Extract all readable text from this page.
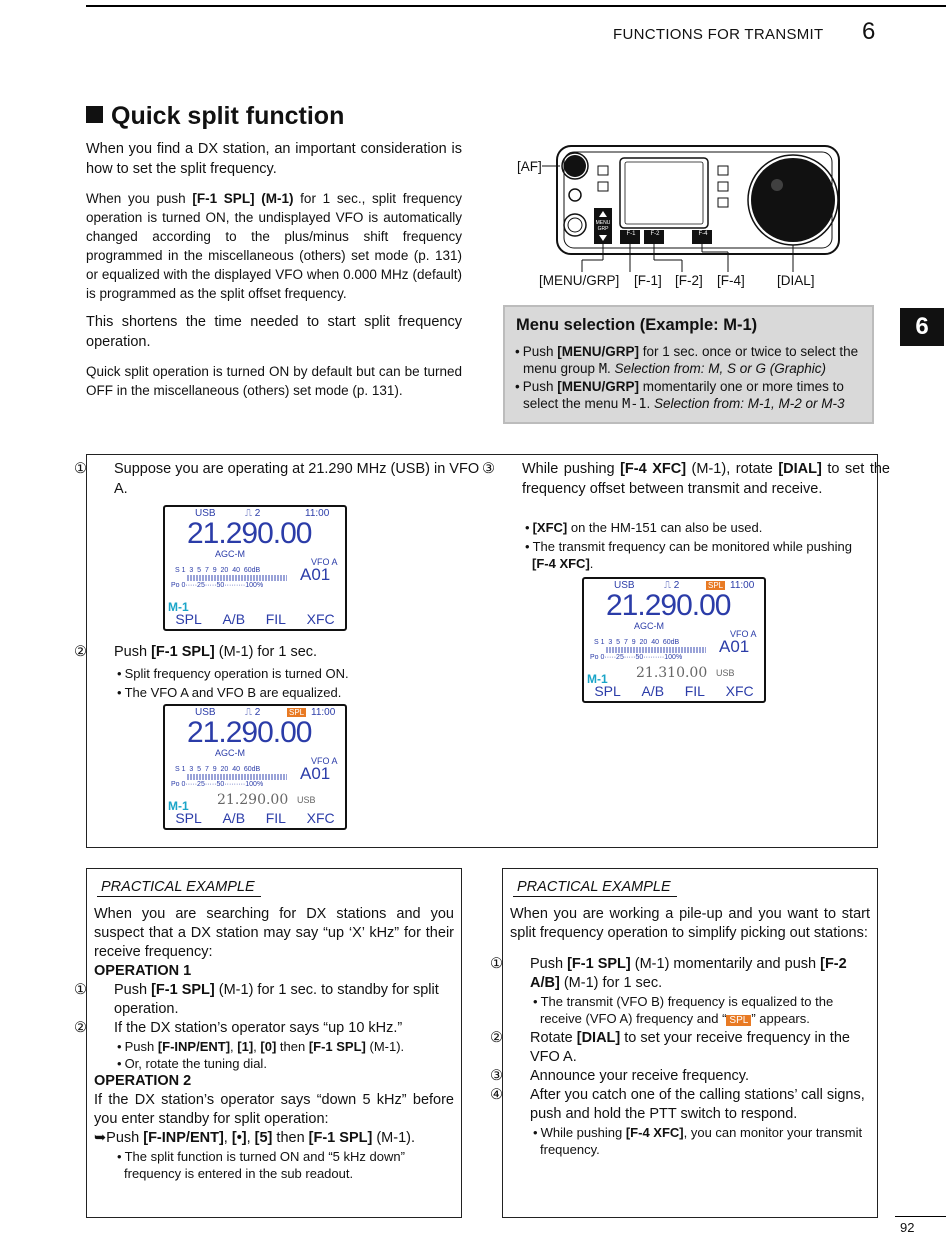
FUNCTIONS FOR TRANSMIT 6
6
Quick split function

When you find a DX station, an important consideration is how to set the split frequency.

When you push [F-1 SPL] (M-1) for 1 sec., split frequency operation is turned ON, the undisplayed VFO is automatically changed according to the plus/minus shift frequency programmed in the miscellaneous (others) set mode (p. 131) or equalized with the displayed VFO when 0.000 MHz (default) is programmed as the split offset frequency.

This shortens the time needed to start split frequency operation.

Quick split operation is turned ON by default but can be turned OFF in the miscellaneous (others) set mode (p. 131).

[AF]
[MENU/GRP] [F-1] [F-2] [F-4] [DIAL]
F-1	F-2	F-4
MENU
GRP
Menu selection (Example: M-1)

• Push [MENU/GRP] for 1 sec. once or twice to select the menu group M. Selection from: M, S or G (Graphic)

• Push [MENU/GRP] momentarily one or more times to select the menu M-1. Selection from: M-1, M-2 or M-3

① Suppose you are operating at 21.290 MHz (USB) in VFO A.
USB	⎍ 2	11:00
21.290.00
AGC-M
S 1  3  5  7  9  20  40  60dB
Po 0·····25·····50·········100%
VFO A
A01
M-1
SPL A/B FIL XFC
② Push [F-1 SPL] (M-1) for 1 sec.

• Split frequency operation is turned ON.

• The VFO A and VFO B are equalized.

USB	⎍ 2	SPL 11:00
21.290.00
AGC-M
S 1  3  5  7  9  20  40  60dB
Po 0·····25·····50·········100%
VFO A
A01
M-1 21.290.00 USB
SPL A/B FIL XFC
③ While pushing [F-4 XFC] (M-1), rotate [DIAL] to set the frequency offset between transmit and receive.

• [XFC] on the HM-151 can also be used.

• The transmit frequency can be monitored while pushing [F-4 XFC].

USB	⎍ 2	SPL 11:00
21.290.00
AGC-M
S 1  3  5  7  9  20  40  60dB
Po 0·····25·····50·········100%
VFO A
A01
M-1 21.310.00 USB
SPL A/B FIL XFC
PRACTICAL EXAMPLE

When you are searching for DX stations and you suspect that a DX station may say “up ‘X’ kHz” for their receive frequency:

OPERATION 1

① Push [F-1 SPL] (M-1) for 1 sec. to standby for split operation.

② If the DX station’s operator says “up 10 kHz.”

• Push [F-INP/ENT], [1], [0] then [F-1 SPL] (M-1).

• Or, rotate the tuning dial.

OPERATION 2

If the DX station’s operator says “down 5 kHz” before you enter standby for split operation:

➥Push [F-INP/ENT], [•], [5] then [F-1 SPL] (M-1).

• The split function is turned ON and “5 kHz down” frequency is entered in the sub readout.

PRACTICAL EXAMPLE

When you are working a pile-up and you want to start split frequency operation to simplify picking out stations:

① Push [F-1 SPL] (M-1) momentarily and push [F-2 A/B] (M-1) for 1 sec.

• The transmit (VFO B) frequency is equalized to the receive (VFO A) frequency and “ SPL ” appears.

② Rotate [DIAL] to set your receive frequency in the VFO A.

③ Announce your receive frequency.

④ After you catch one of the calling stations’ call signs, push and hold the PTT switch to respond.

• While pushing [F-4 XFC], you can monitor your transmit frequency.

92
